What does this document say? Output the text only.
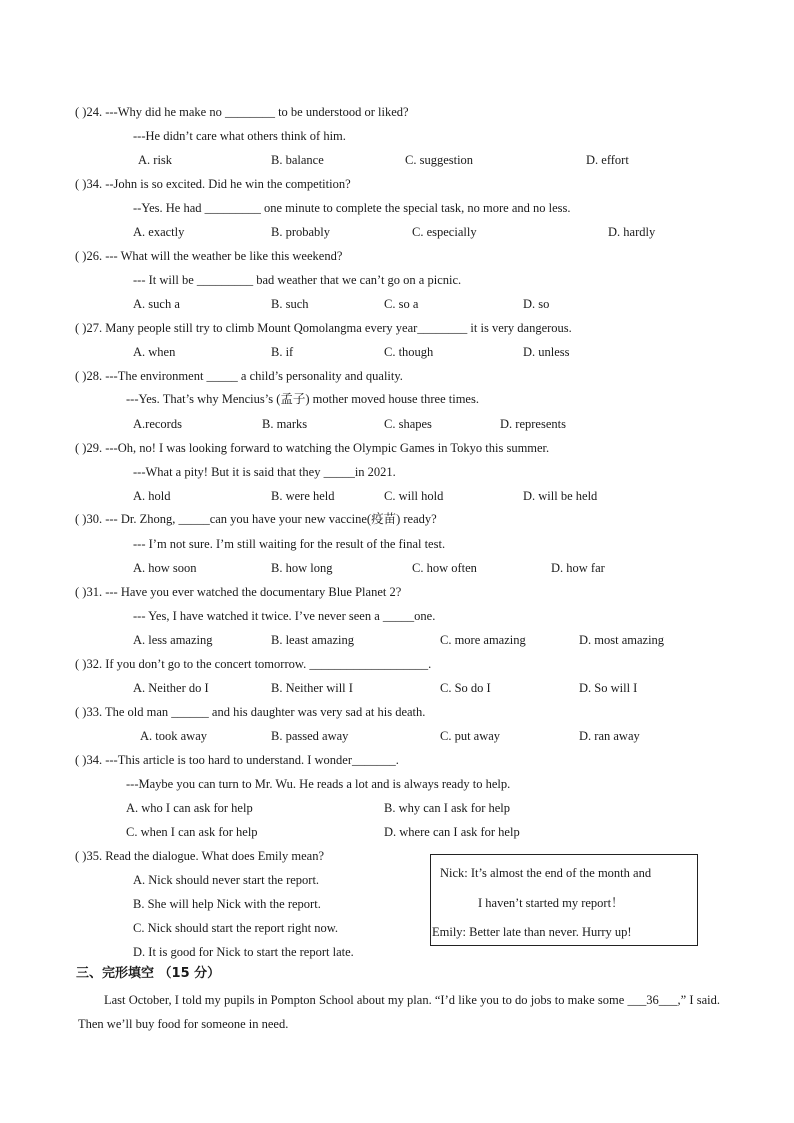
( )24. ---Why did he make no ________ to be understood or liked?
---He didn’t care what others think of him.
A. risk	B. balance	C. suggestion	D. effort
( )34. --John is so excited. Did he win the competition?
--Yes. He had _________ one minute to complete the special task, no more and no less.
A. exactly	B. probably	C. especially	D. hardly
( )26. --- What will the weather be like this weekend?
--- It will be _________ bad weather that we can’t go on a picnic.
A. such a	B. such	C. so a	D. so
( )27. Many people still try to climb Mount Qomolangma every year________ it is very dangerous.
A. when	B. if	C. though	D. unless
( )28. ---The environment _____ a child’s personality and quality.
---Yes. That’s why Mencius’s (孟子) mother moved house three times.
A.records	B. marks	C. shapes	D. represents
( )29. ---Oh, no! I was looking forward to watching the Olympic Games in Tokyo this summer.
---What a pity! But it is said that they _____in 2021.
A. hold	B. were held	C. will hold	D. will be held
( )30. --- Dr. Zhong, _____can you have your new vaccine(疫苗) ready?
--- I’m not sure. I’m still waiting for the result of the final test.
A. how soon	B. how long	C. how often	D. how far
( )31. --- Have you ever watched the documentary Blue Planet 2?
--- Yes, I have watched it twice. I’ve never seen a _____one.
A. less amazing	B. least amazing	C. more amazing	D. most amazing
( )32. If you don’t go to the concert tomorrow. ___________________.
A. Neither do I	B. Neither will I	C. So do I	D. So will I
( )33. The old man ______ and his daughter was very sad at his death.
A. took away	B. passed away	C. put away	D. ran away
( )34. ---This article is too hard to understand. I wonder_______.
---Maybe you can turn to Mr. Wu. He reads a lot and is always ready to help.
A. who I can ask for help	B. why can I ask for help
C. when I can ask for help	D. where can I ask for help
( )35. Read the dialogue. What does Emily mean?
A. Nick should never start the report.
B. She will help Nick with the report.
C. Nick should start the report right now.
D. It is good for Nick to start the report late.
Nick: It’s almost the end of the month and
I haven’t started my report！
Emily: Better late than never. Hurry up!
三、完形填空 （15 分）
Last October, I told my pupils in Pompton School about my plan. “I’d like you to do jobs to make some ___36___,” I said. Then we’ll buy food for someone in need.
